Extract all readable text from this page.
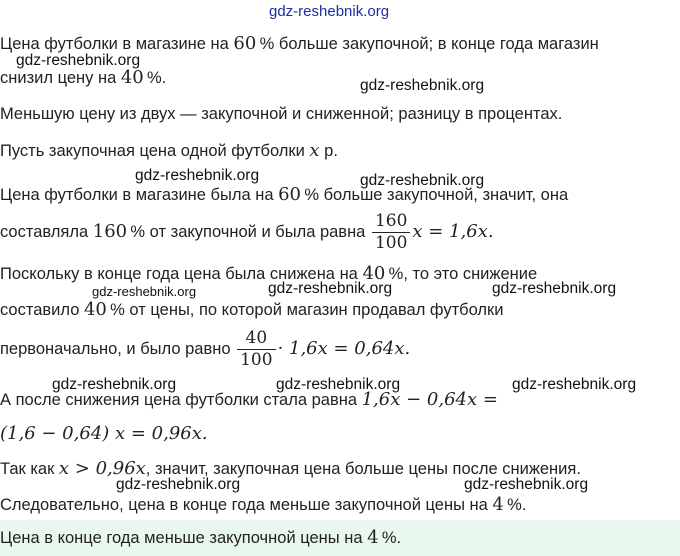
gdz-reshebnik.org
gdz-reshebnik.org
gdz-reshebnik.org
gdz-reshebnik.org	gdz-reshebnik.org
gdz-reshebnik.org	gdz-reshebnik.org	gdz-reshebnik.org
gdz-reshebnik.org	gdz-reshebnik.org	gdz-reshebnik.org
gdz-reshebnik.org	gdz-reshebnik.org
Цена футболки в магазине на 60 % больше закупочной; в конце года магазин
снизил цену на 40 %.
Меньшую цену из двух — закупочной и сниженной; разницу в процентах.
Пусть закупочная цена одной футболки x р.
Цена футболки в магазине была на 60 % больше закупочной, значит, она
составляла 160 % от закупочной и была равна $\frac{160}{100}$ x = 1,6x.
Поскольку в конце года цена была снижена на 40 %, то это снижение
составило 40 % от цены, по которой магазин продавал футболки
первоначально, и было равно $\frac{40}{100} \cdot 1,6x = 0,64x$.
А после снижения цена футболки стала равна 1,6x − 0,64x =
(1,6 − 0,64) x = 0,96x.
Так как x > 0,96x, значит, закупочная цена больше цены после снижения.
Следовательно, цена в конце года меньше закупочной цены на 4 %.
Цена в конце года меньше закупочной цены на 4 %.
